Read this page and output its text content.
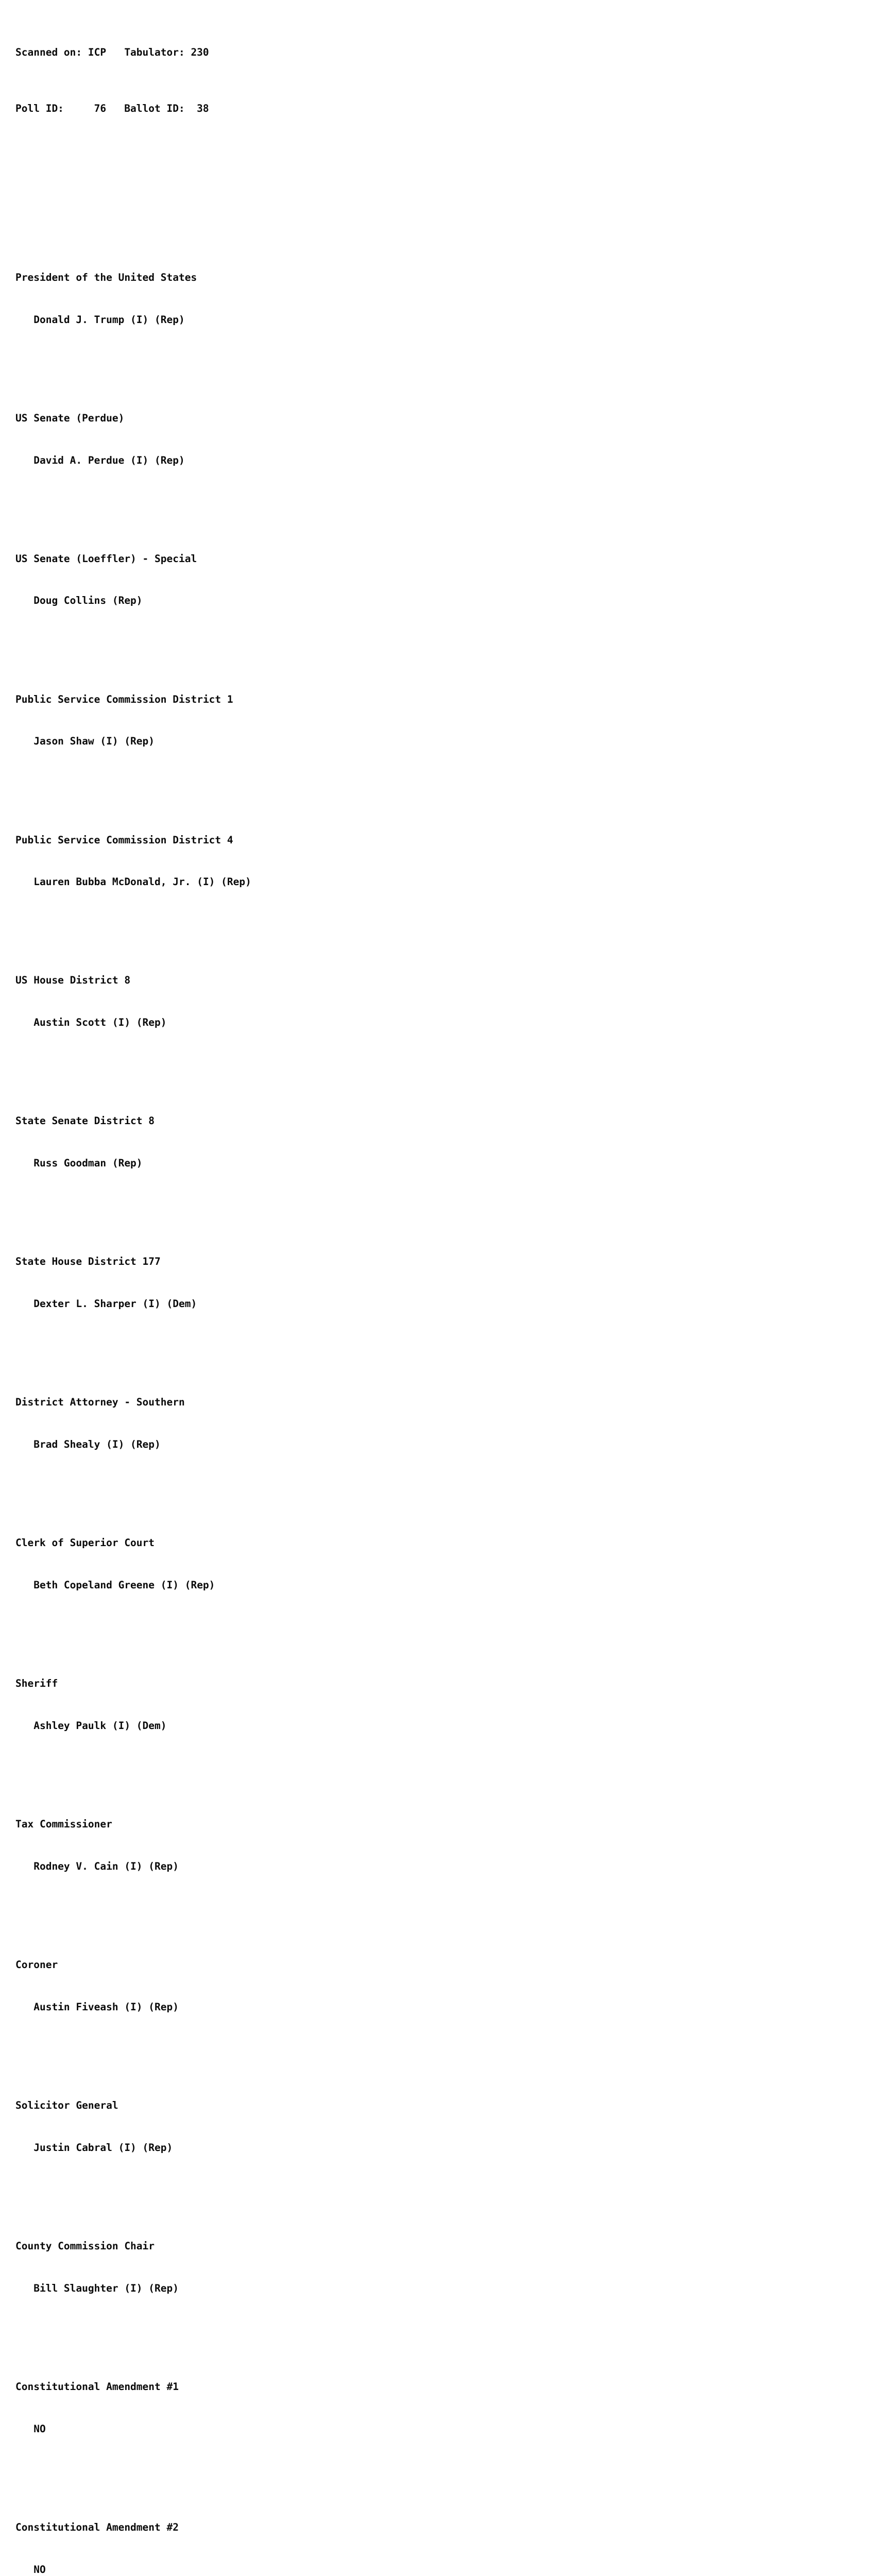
Scanned on: ICP Tabulator: 230

Poll ID:	76 Ballot ID: 38

President of the United States

Donald J. Trump (I) (Rep)

US Senate (Perdue)

David A. Perdue (I) (Rep)

US Senate (Loeffler) - Special

Doug Collins (Rep)

Public Service Commission District 1

Jason Shaw (I) (Rep)

Public Service Commission District 4

Lauren Bubba McDonald, Jr. (I) (Rep)

US House District 8

Austin Scott (I) (Rep)

State Senate District 8

Russ Goodman (Rep)

State House District 177

Dexter L. Sharper (I) (Dem)

District Attorney - Southern

Brad Shealy (I) (Rep)

Clerk of Superior Court

Beth Copeland Greene (I) (Rep)

Sheriff

Ashley Paulk (I) (Dem)

Tax Commissioner

Rodney V. Cain (I) (Rep)

Coroner

Austin Fiveash (I) (Rep)

Solicitor General

Justin Cabral (I) (Rep)

County Commission Chair

Bill Slaughter (I) (Rep)

Constitutional Amendment #1

NO

Constitutional Amendment #2

NO
